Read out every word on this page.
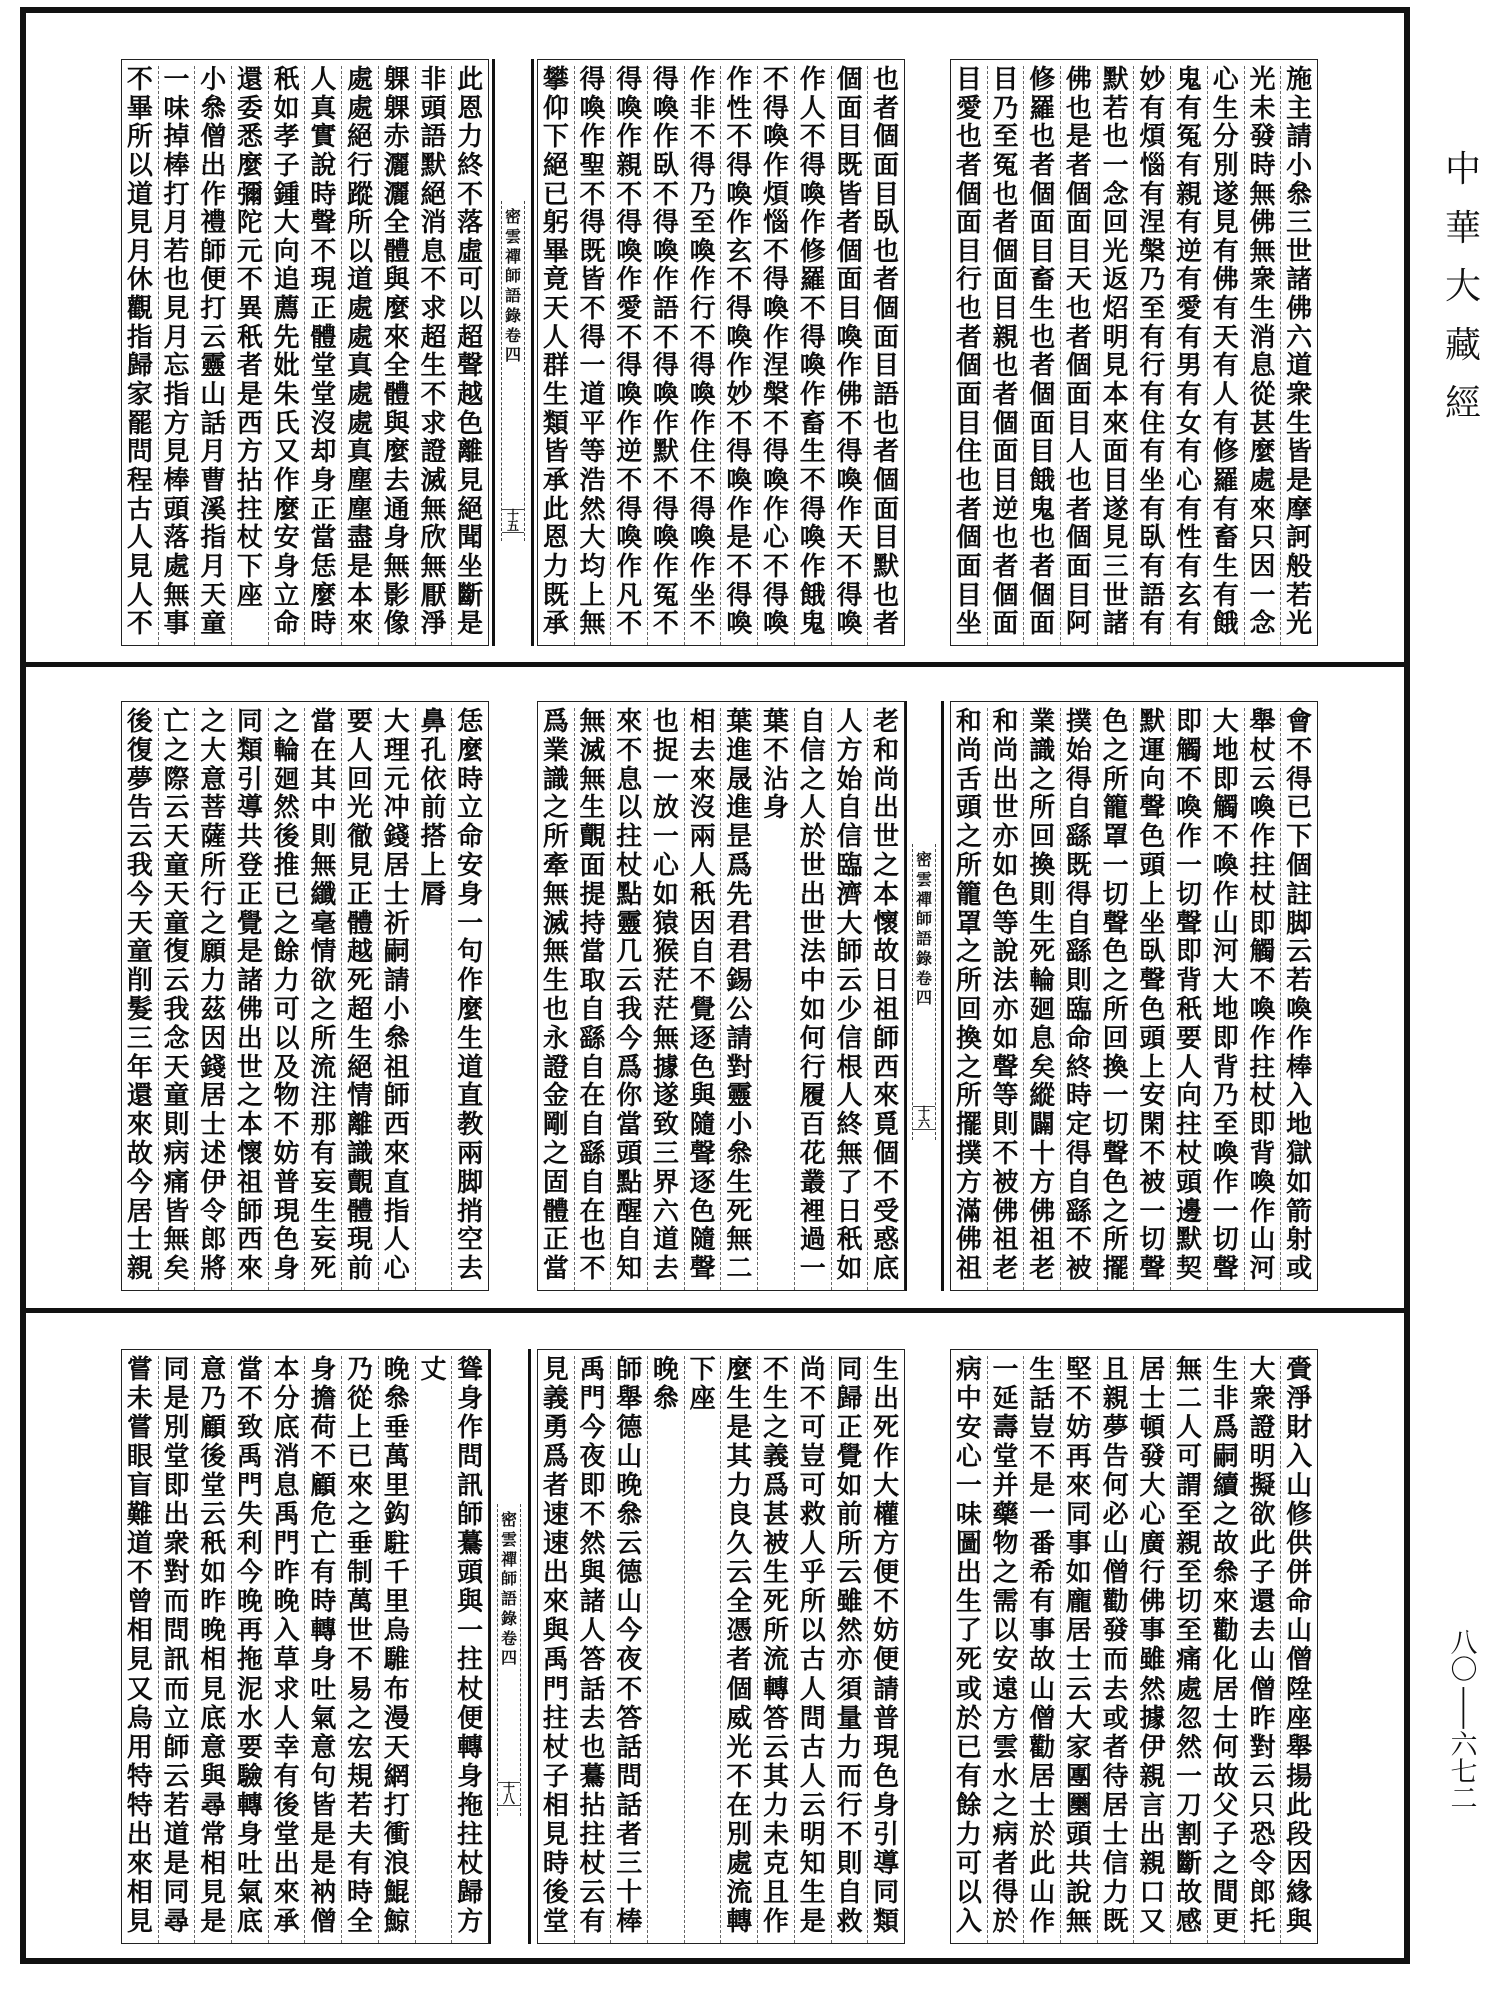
施
主
請
小
叅
三
世
諸
佛
六
道
衆
生
皆
是
摩
訶
般
若
光
光
未
發
時
無
佛
無
衆
生
消
息
從
甚
麼
處
來
只
因
一
念
心
生
分
別
遂
見
有
佛
有
天
有
人
有
修
羅
有
畜
生
有
餓
鬼
有
冤
有
親
有
逆
有
愛
有
男
有
女
有
心
有
性
有
玄
有
妙
有
煩
惱
有
涅
槃
乃
至
有
行
有
住
有
坐
有
臥
有
語
有
默
若
也
一
念
回
光
返
炤
明
見
本
來
面
目
遂
見
三
世
諸
佛
也
是
者
個
面
目
天
也
者
個
面
目
人
也
者
個
面
目
阿
修
羅
也
者
個
面
目
畜
生
也
者
個
面
目
餓
鬼
也
者
個
面
目
乃
至
冤
也
者
個
面
目
親
也
者
個
面
目
逆
也
者
個
面
目
愛
也
者
個
面
目
行
也
者
個
面
目
住
也
者
個
面
目
坐
也
者
個
面
目
臥
也
者
個
面
目
語
也
者
個
面
目
默
也
者
個
面
目
既
皆
者
個
面
目
喚
作
佛
不
得
喚
作
天
不
得
喚
作
人
不
得
喚
作
修
羅
不
得
喚
作
畜
生
不
得
喚
作
餓
鬼
不
得
喚
作
煩
惱
不
得
喚
作
涅
槃
不
得
喚
作
心
不
得
喚
作
性
不
得
喚
作
玄
不
得
喚
作
妙
不
得
喚
作
是
不
得
喚
作
非
不
得
乃
至
喚
作
行
不
得
喚
作
住
不
得
喚
作
坐
不
得
喚
作
臥
不
得
喚
作
語
不
得
喚
作
默
不
得
喚
作
冤
不
得
喚
作
親
不
得
喚
作
愛
不
得
喚
作
逆
不
得
喚
作
凡
不
得
喚
作
聖
不
得
既
皆
不
得
一
道
平
等
浩
然
大
均
上
無
攀
仰
下
絕
已
躬
畢
竟
天
人
群
生
類
皆
承
此
恩
力
既
承
密
雲
禪
師
語
錄
卷
四
十
五
此
恩
力
終
不
落
虛
可
以
超
聲
越
色
離
見
絕
聞
坐
斷
是
非
頭
語
默
絕
消
息
不
求
超
生
不
求
證
滅
無
欣
無
厭
淨
躶
躶
赤
灑
灑
全
體
與
麼
來
全
體
與
麼
去
通
身
無
影
像
處
處
絕
行
蹤
所
以
道
處
處
真
處
處
真
塵
塵
盡
是
本
來
人
真
實
說
時
聲
不
現
正
體
堂
堂
沒
却
身
正
當
恁
麼
時
秖
如
孝
子
鍾
大
向
追
薦
先
妣
朱
氏
又
作
麼
安
身
立
命
還
委
悉
麼
彌
陀
元
不
異
秖
者
是
西
方
拈
拄
杖
下
座
小
叅
僧
出
作
禮
師
便
打
云
靈
山
話
月
曹
溪
指
月
天
童
一
味
掉
棒
打
月
若
也
見
月
忘
指
方
見
棒
頭
落
處
無
事
不
畢
所
以
道
見
月
休
觀
指
歸
家
罷
問
程
古
人
見
人
不
會
不
得
已
下
個
註
脚
云
若
喚
作
棒
入
地
獄
如
箭
射
或
舉
杖
云
喚
作
拄
杖
即
觸
不
喚
作
拄
杖
即
背
喚
作
山
河
大
地
即
觸
不
喚
作
山
河
大
地
即
背
乃
至
喚
作
一
切
聲
即
觸
不
喚
作
一
切
聲
即
背
秖
要
人
向
拄
杖
頭
邊
默
契
默
運
向
聲
色
頭
上
坐
臥
聲
色
頭
上
安
閑
不
被
一
切
聲
色
之
所
籠
罩
一
切
聲
色
之
所
回
換
一
切
聲
色
之
所
擺
撲
始
得
自
繇
既
得
自
繇
則
臨
命
終
時
定
得
自
繇
不
被
業
識
之
所
回
換
則
生
死
輪
廻
息
矣
縱
闢
十
方
佛
祖
老
和
尚
出
世
亦
如
色
等
說
法
亦
如
聲
等
則
不
被
佛
祖
老
和
尚
舌
頭
之
所
籠
罩
之
所
回
換
之
所
擺
撲
方
滿
佛
祖
密
雲
禪
師
語
錄
卷
四
十
六
老
和
尚
出
世
之
本
懷
故
日
祖
師
西
來
覓
個
不
受
惑
底
人
方
始
自
信
臨
濟
大
師
云
少
信
根
人
終
無
了
日
秖
如
自
信
之
人
於
世
出
世
法
中
如
何
行
履
百
花
叢
裡
過
一
葉
不
沾
身
葉
進
晟
進
昰
爲
先
君
君
錫
公
請
對
靈
小
叅
生
死
無
二
相
去
來
沒
兩
人
秖
因
自
不
覺
逐
色
與
隨
聲
逐
色
隨
聲
也
捉
一
放
一
心
如
猿
猴
茫
茫
無
據
遂
致
三
界
六
道
去
來
不
息
以
拄
杖
點
靈
几
云
我
今
爲
你
當
頭
點
醒
自
知
無
滅
無
生
覿
面
提
持
當
取
自
繇
自
在
自
繇
自
在
也
不
爲
業
識
之
所
牽
無
滅
無
生
也
永
證
金
剛
之
固
體
正
當
恁
麼
時
立
命
安
身
一
句
作
麼
生
道
直
教
兩
脚
捎
空
去
鼻
孔
依
前
搭
上
脣
大
理
元
冲
錢
居
士
祈
嗣
請
小
叅
祖
師
西
來
直
指
人
心
要
人
回
光
徹
見
正
體
越
死
超
生
絕
情
離
識
覿
體
現
前
當
在
其
中
則
無
纖
毫
情
欲
之
所
流
注
那
有
妄
生
妄
死
之
輪
廻
然
後
推
已
之
餘
力
可
以
及
物
不
妨
普
現
色
身
同
類
引
導
共
登
正
覺
是
諸
佛
出
世
之
本
懷
祖
師
西
來
之
大
意
菩
薩
所
行
之
願
力
茲
因
錢
居
士
述
伊
令
郎
將
亡
之
際
云
天
童
天
童
復
云
我
念
天
童
則
病
痛
皆
無
矣
後
復
夢
告
云
我
今
天
童
削
髮
三
年
還
來
故
今
居
士
親
賫
淨
財
入
山
修
供
併
命
山
僧
陞
座
舉
揚
此
段
因
緣
與
大
衆
證
明
擬
欲
此
子
還
去
山
僧
昨
對
云
只
恐
令
郎
托
生
非
爲
嗣
續
之
故
叅
來
勸
化
居
士
何
故
父
子
之
間
更
無
二
人
可
謂
至
親
至
切
至
痛
處
忽
然
一
刀
割
斷
故
感
居
士
頓
發
大
心
廣
行
佛
事
雖
然
據
伊
親
言
出
親
口
又
且
親
夢
告
何
必
山
僧
勸
發
而
去
或
者
待
居
士
信
力
既
堅
不
妨
再
來
同
事
如
龐
居
士
云
大
家
團
圞
頭
共
說
無
生
話
豈
不
是
一
番
希
有
事
故
山
僧
勸
居
士
於
此
山
作
一
延
壽
堂
并
藥
物
之
需
以
安
遠
方
雲
水
之
病
者
得
於
病
中
安
心
一
味
圖
出
生
了
死
或
於
已
有
餘
力
可
以
入
生
出
死
作
大
權
方
便
不
妨
便
請
普
現
色
身
引
導
同
類
同
歸
正
覺
如
前
所
云
雖
然
亦
須
量
力
而
行
不
則
自
救
尚
不
可
豈
可
救
人
乎
所
以
古
人
問
古
人
云
明
知
生
是
不
生
之
義
爲
甚
被
生
死
所
流
轉
答
云
其
力
未
克
且
作
麼
生
是
其
力
良
久
云
全
憑
者
個
威
光
不
在
別
處
流
轉
下
座
晚
叅
師
舉
德
山
晚
叅
云
德
山
今
夜
不
答
話
問
話
者
三
十
棒
禹
門
今
夜
即
不
然
與
諸
人
答
話
去
也
驀
拈
拄
杖
云
有
見
義
勇
爲
者
速
速
出
來
與
禹
門
拄
杖
子
相
見
時
後
堂
密
雲
禪
師
語
錄
卷
四
十
八
聳
身
作
問
訊
師
驀
頭
與
一
拄
杖
便
轉
身
拖
拄
杖
歸
方
丈
晚
叅
垂
萬
里
鈎
駐
千
里
烏
騅
布
漫
天
網
打
衝
浪
鯤
鯨
乃
從
上
已
來
之
垂
制
萬
世
不
易
之
宏
規
若
夫
有
時
全
身
擔
荷
不
顧
危
亡
有
時
轉
身
吐
氣
意
句
皆
是
是
衲
僧
本
分
底
消
息
禹
門
昨
晚
入
草
求
人
幸
有
後
堂
出
來
承
當
不
致
禹
門
失
利
今
晚
再
拖
泥
水
要
驗
轉
身
吐
氣
底
意
乃
顧
後
堂
云
秖
如
昨
晚
相
見
底
意
與
尋
常
相
見
是
同
是
別
堂
即
出
衆
對
而
問
訊
而
立
師
云
若
道
是
同
尋
嘗
未
嘗
眼
盲
難
道
不
曾
相
見
又
烏
用
特
特
出
來
相
見
中
華
大
藏
經
八
〇
—
六
七
二
